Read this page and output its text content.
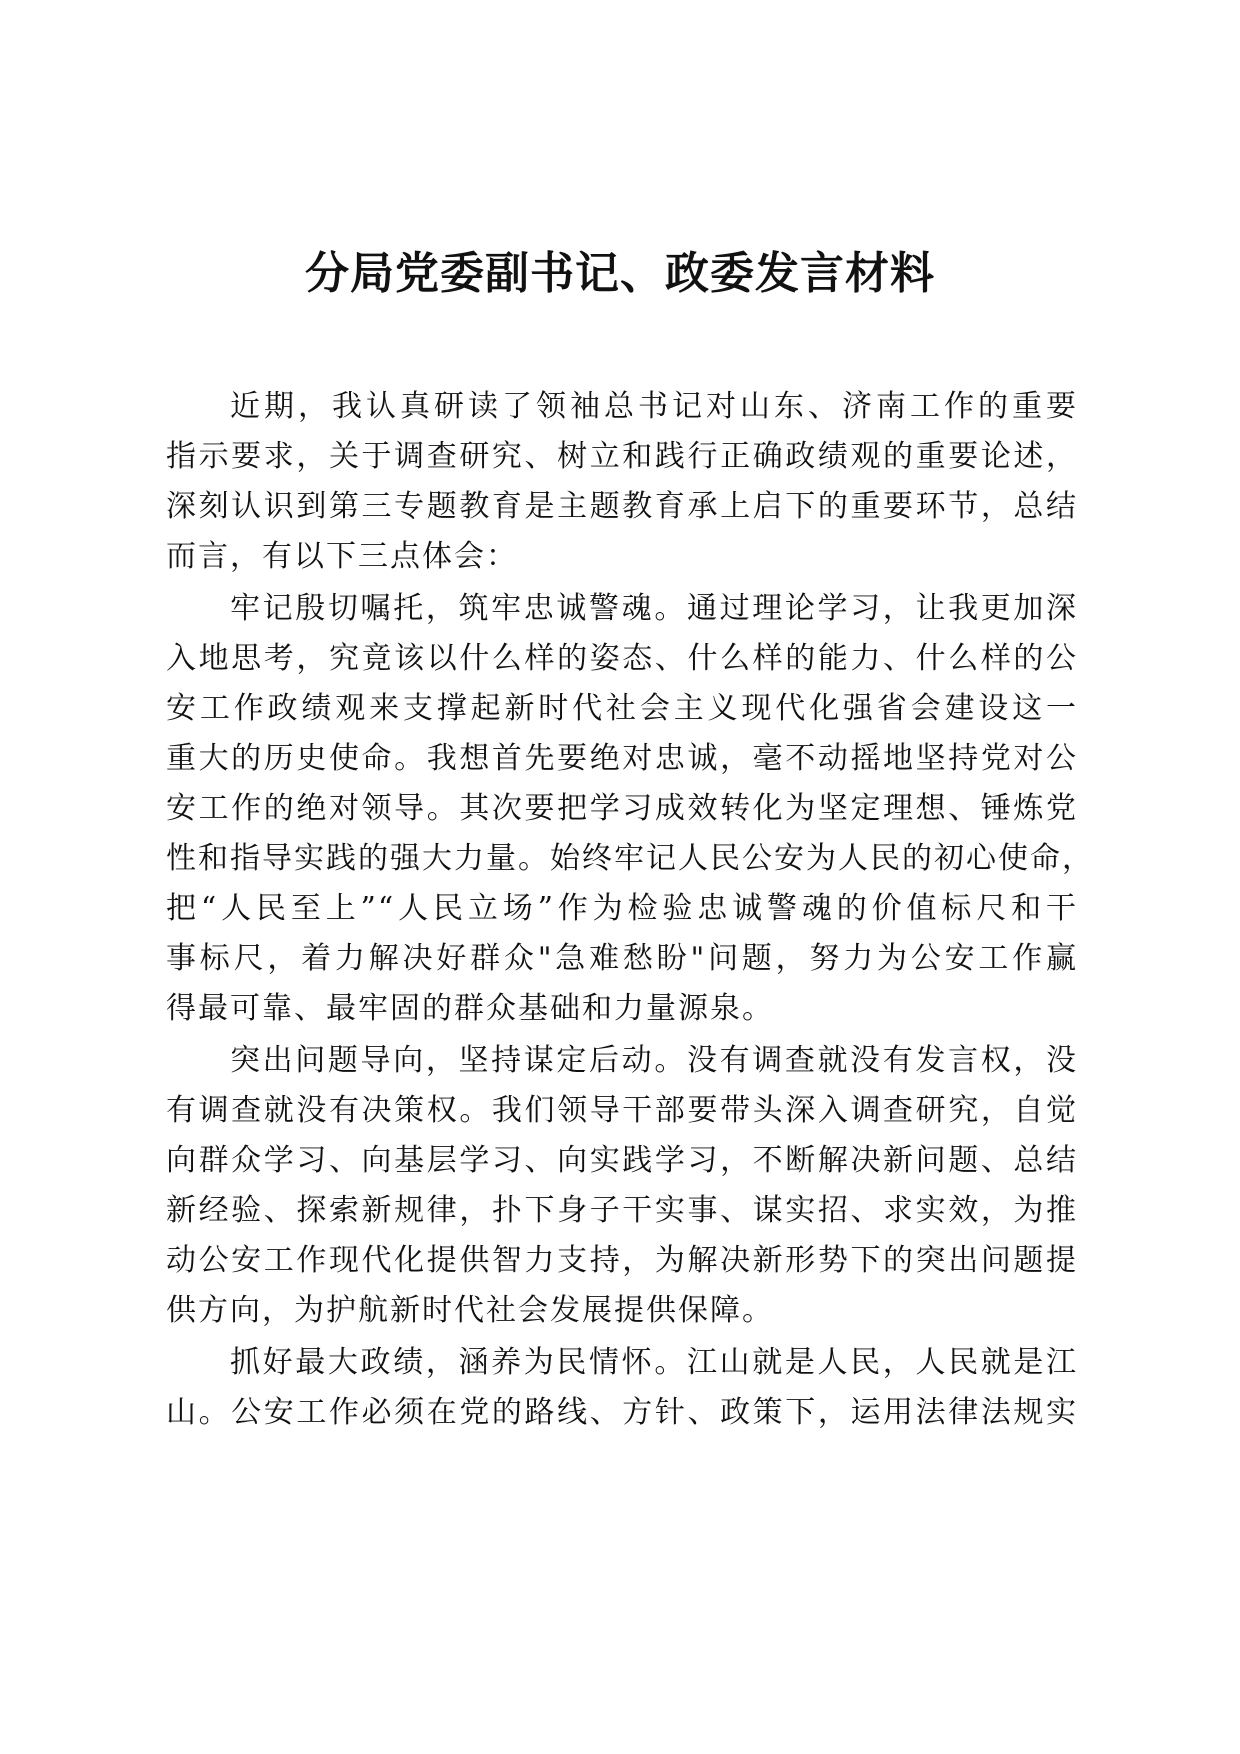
分局党委副书记、政委发言材料

近期，我认真研读了领袖总书记对山东、济南工作的重要
指示要求，关于调查研究、树立和践行正确政绩观的重要论述，
深刻认识到第三专题教育是主题教育承上启下的重要环节，总结
而言，有以下三点体会：

牢记殷切嘱托，筑牢忠诚警魂。通过理论学习，让我更加深
入地思考，究竟该以什么样的姿态、什么样的能力、什么样的公
安工作政绩观来支撑起新时代社会主义现代化强省会建设这一
重大的历史使命。我想首先要绝对忠诚，毫不动摇地坚持党对公
安工作的绝对领导。其次要把学习成效转化为坚定理想、锤炼党
性和指导实践的强大力量。始终牢记人民公安为人民的初心使命，
把“人民至上”“人民立场”作为检验忠诚警魂的价值标尺和干
事标尺，着力解决好群众"急难愁盼"问题，努力为公安工作赢
得最可靠、最牢固的群众基础和力量源泉。

突出问题导向，坚持谋定后动。没有调查就没有发言权，没
有调查就没有决策权。我们领导干部要带头深入调查研究，自觉
向群众学习、向基层学习、向实践学习，不断解决新问题、总结
新经验、探索新规律，扑下身子干实事、谋实招、求实效，为推
动公安工作现代化提供智力支持，为解决新形势下的突出问题提
供方向，为护航新时代社会发展提供保障。

抓好最大政绩，涵养为民情怀。江山就是人民，人民就是江
山。公安工作必须在党的路线、方针、政策下，运用法律法规实
